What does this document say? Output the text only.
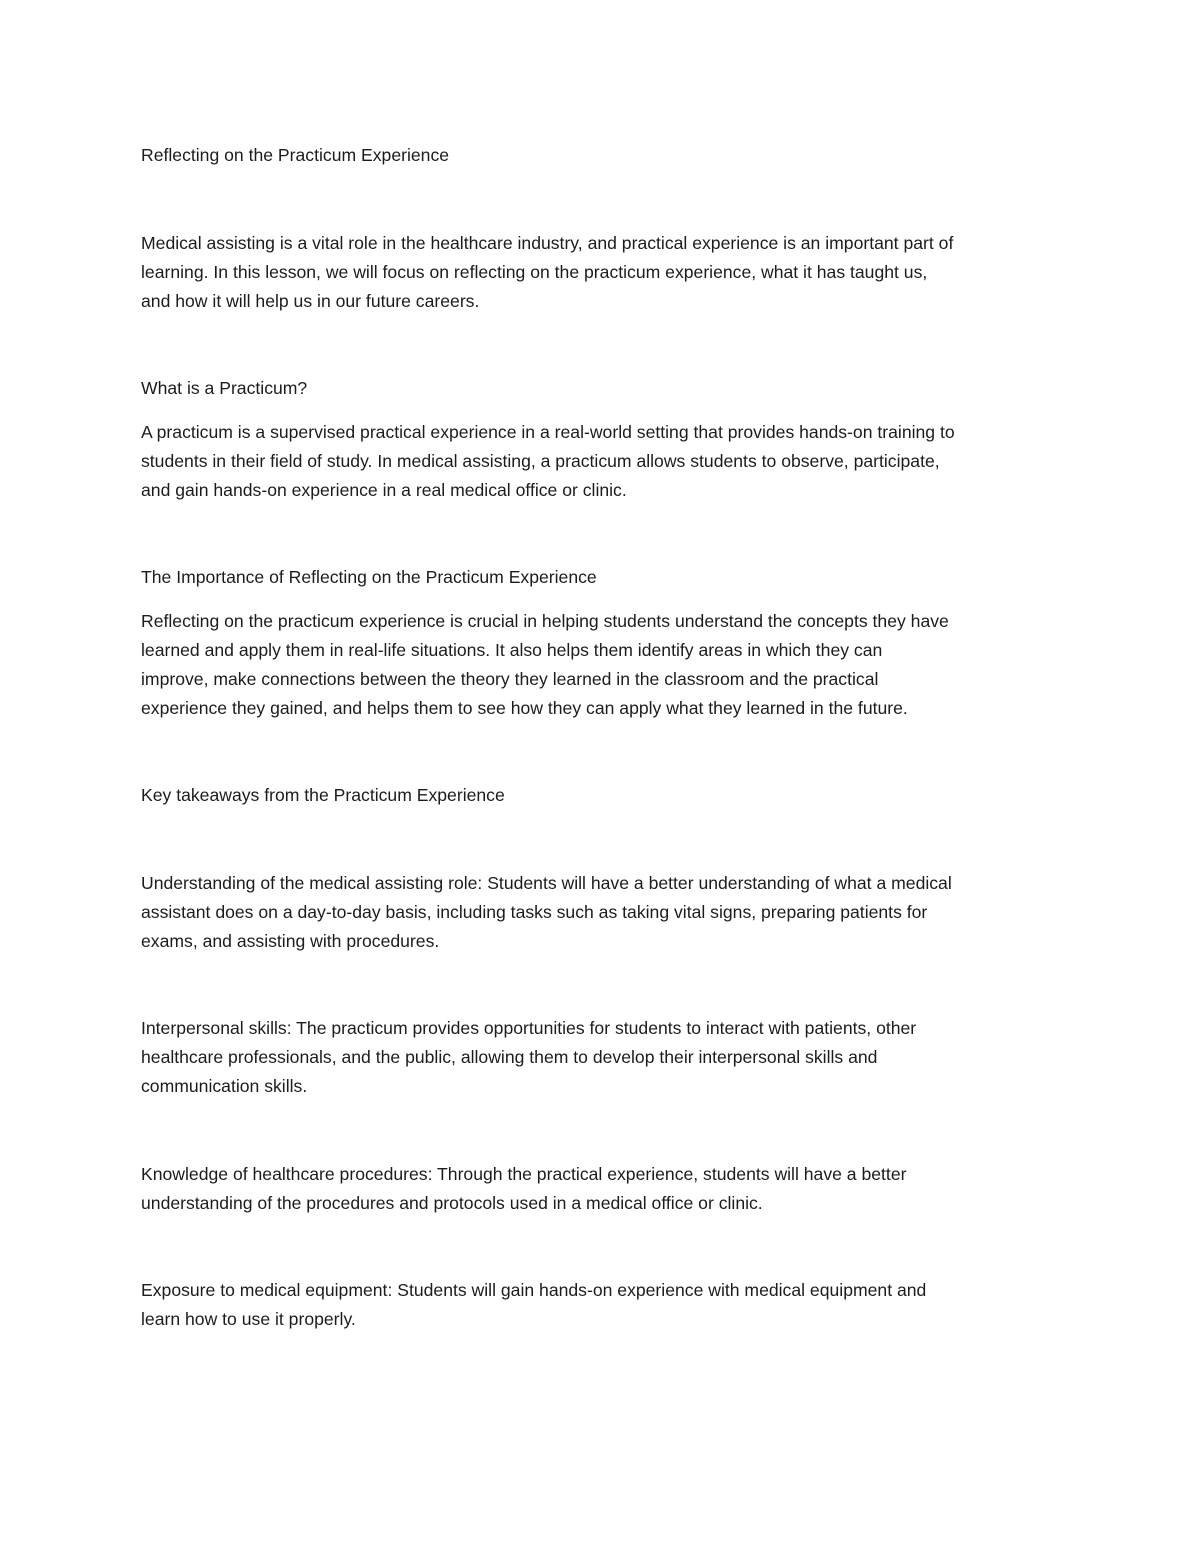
Reflecting on the Practicum Experience

Medical assisting is a vital role in the healthcare industry, and practical experience is an important part of

learning. In this lesson, we will focus on reflecting on the practicum experience, what it has taught us,

and how it will help us in our future careers.

What is a Practicum?

A practicum is a supervised practical experience in a real-world setting that provides hands-on training to

students in their field of study. In medical assisting, a practicum allows students to observe, participate,

and gain hands-on experience in a real medical office or clinic.

The Importance of Reflecting on the Practicum Experience

Reflecting on the practicum experience is crucial in helping students understand the concepts they have

learned and apply them in real-life situations. It also helps them identify areas in which they can

improve, make connections between the theory they learned in the classroom and the practical

experience they gained, and helps them to see how they can apply what they learned in the future.

Key takeaways from the Practicum Experience

Understanding of the medical assisting role: Students will have a better understanding of what a medical

assistant does on a day-to-day basis, including tasks such as taking vital signs, preparing patients for

exams, and assisting with procedures.

Interpersonal skills: The practicum provides opportunities for students to interact with patients, other

healthcare professionals, and the public, allowing them to develop their interpersonal skills and

communication skills.

Knowledge of healthcare procedures: Through the practical experience, students will have a better

understanding of the procedures and protocols used in a medical office or clinic.

Exposure to medical equipment: Students will gain hands-on experience with medical equipment and

learn how to use it properly.
